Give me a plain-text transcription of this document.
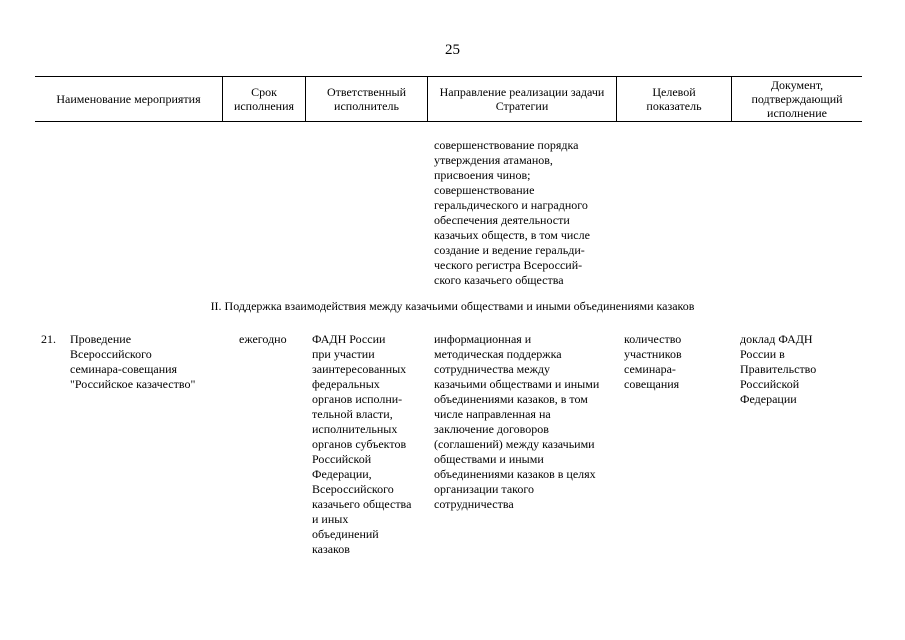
25
Наименование мероприятия	Срок
исполнения
Ответственный
исполнитель
Направление реализации задачи
Стратегии
Целевой
показатель
Документ,
подтверждающий
исполнение
совершенствование порядка
утверждения атаманов,
присвоения чинов;
совершенствование
геральдического и наградного
обеспечения деятельности
казачьих обществ, в том числе
создание и ведение геральди-
ческого регистра Всероссий-
ского казачьего общества
II. Поддержка взаимодействия между казачьими обществами и иными объединениями казаков
21. Проведение
Всероссийского
семинара-совещания
"Российское казачество"
ежегодно ФАДН России
при участии
заинтересованных
федеральных
органов исполни-
тельной власти,
исполнительных
органов субъектов
Российской
Федерации,
Всероссийского
казачьего общества
и иных
объединений
казаков
информационная и
методическая поддержка
сотрудничества между
казачьими обществами и иными
объединениями казаков, в том
числе направленная на
заключение договоров
(соглашений) между казачьими
обществами и иными
объединениями казаков в целях
организации такого
сотрудничества
количество
участников
семинара-
совещания
доклад ФАДН
России в
Правительство
Российской
Федерации
